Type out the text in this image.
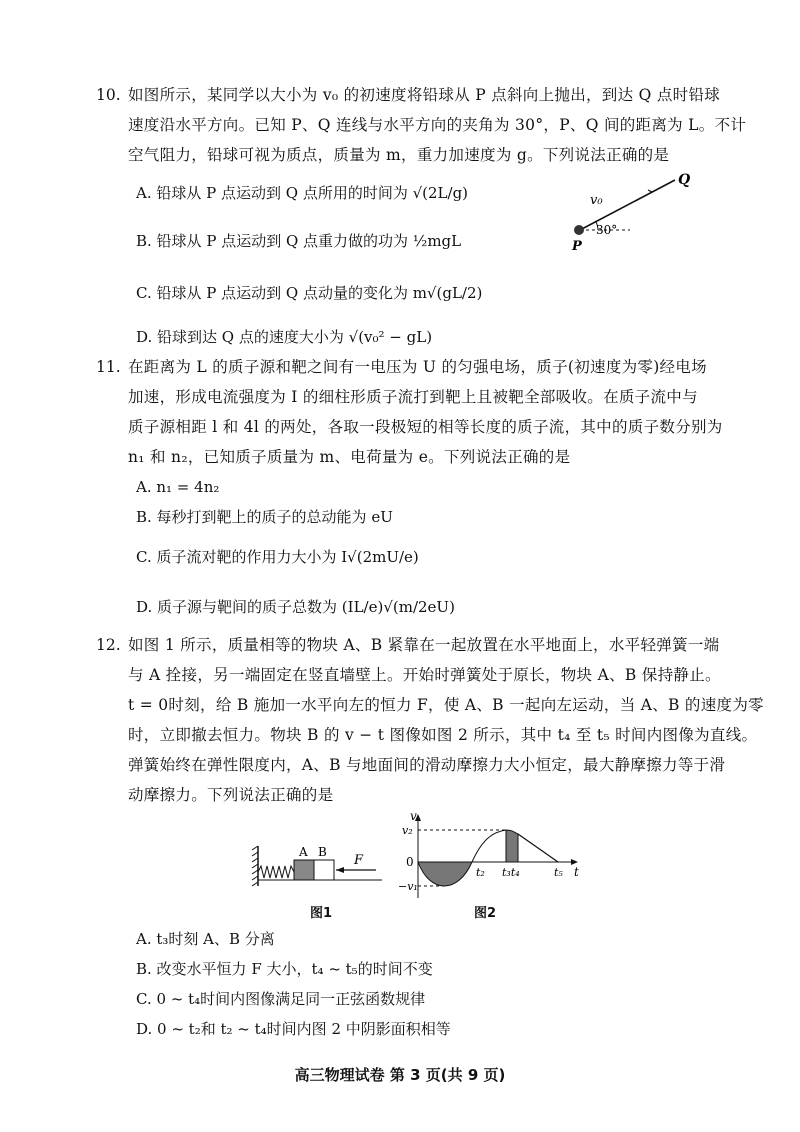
10. 如图所示，某同学以大小为 v₀ 的初速度将铅球从 P 点斜向上抛出，到达 Q 点时铅球
速度沿水平方向。已知 P、Q 连线与水平方向的夹角为 30°，P、Q 间的距离为 L。不计
空气阻力，铅球可视为质点，质量为 m，重力加速度为 g。下列说法正确的是
A. 铅球从 P 点运动到 Q 点所用的时间为 √(2L/g)
B. 铅球从 P 点运动到 Q 点重力做的功为 ½mgL
C. 铅球从 P 点运动到 Q 点动量的变化为 m√(gL/2)
D. 铅球到达 Q 点的速度大小为 √(v₀² − gL)
v₀
30°
P
Q
11. 在距离为 L 的质子源和靶之间有一电压为 U 的匀强电场，质子(初速度为零)经电场
加速，形成电流强度为 I 的细柱形质子流打到靶上且被靶全部吸收。在质子流中与
质子源相距 l 和 4l 的两处，各取一段极短的相等长度的质子流，其中的质子数分别为
n₁ 和 n₂，已知质子质量为 m、电荷量为 e。下列说法正确的是
A. n₁ = 4n₂
B. 每秒打到靶上的质子的总动能为 eU
C. 质子流对靶的作用力大小为 I√(2mU/e)
D. 质子源与靶间的质子总数为 (IL/e)√(m/2eU)
12. 如图 1 所示，质量相等的物块 A、B 紧靠在一起放置在水平地面上，水平轻弹簧一端
与 A 拴接，另一端固定在竖直墙壁上。开始时弹簧处于原长，物块 A、B 保持静止。
t = 0时刻，给 B 施加一水平向左的恒力 F，使 A、B 一起向左运动，当 A、B 的速度为零
时，立即撤去恒力。物块 B 的 v − t 图像如图 2 所示，其中 t₄ 至 t₅ 时间内图像为直线。
弹簧始终在弹性限度内，A、B 与地面间的滑动摩擦力大小恒定，最大静摩擦力等于滑
动摩擦力。下列说法正确的是
A B
F
图1
v
v₂
0
−v₁
t₂ t₃t₄	t₅ t
图2
A. t₃时刻 A、B 分离
B. 改变水平恒力 F 大小，t₄ ~ t₅的时间不变
C. 0 ~ t₄时间内图像满足同一正弦函数规律
D. 0 ~ t₂和 t₂ ~ t₄时间内图 2 中阴影面积相等
高三物理试卷 第 3 页(共 9 页)
